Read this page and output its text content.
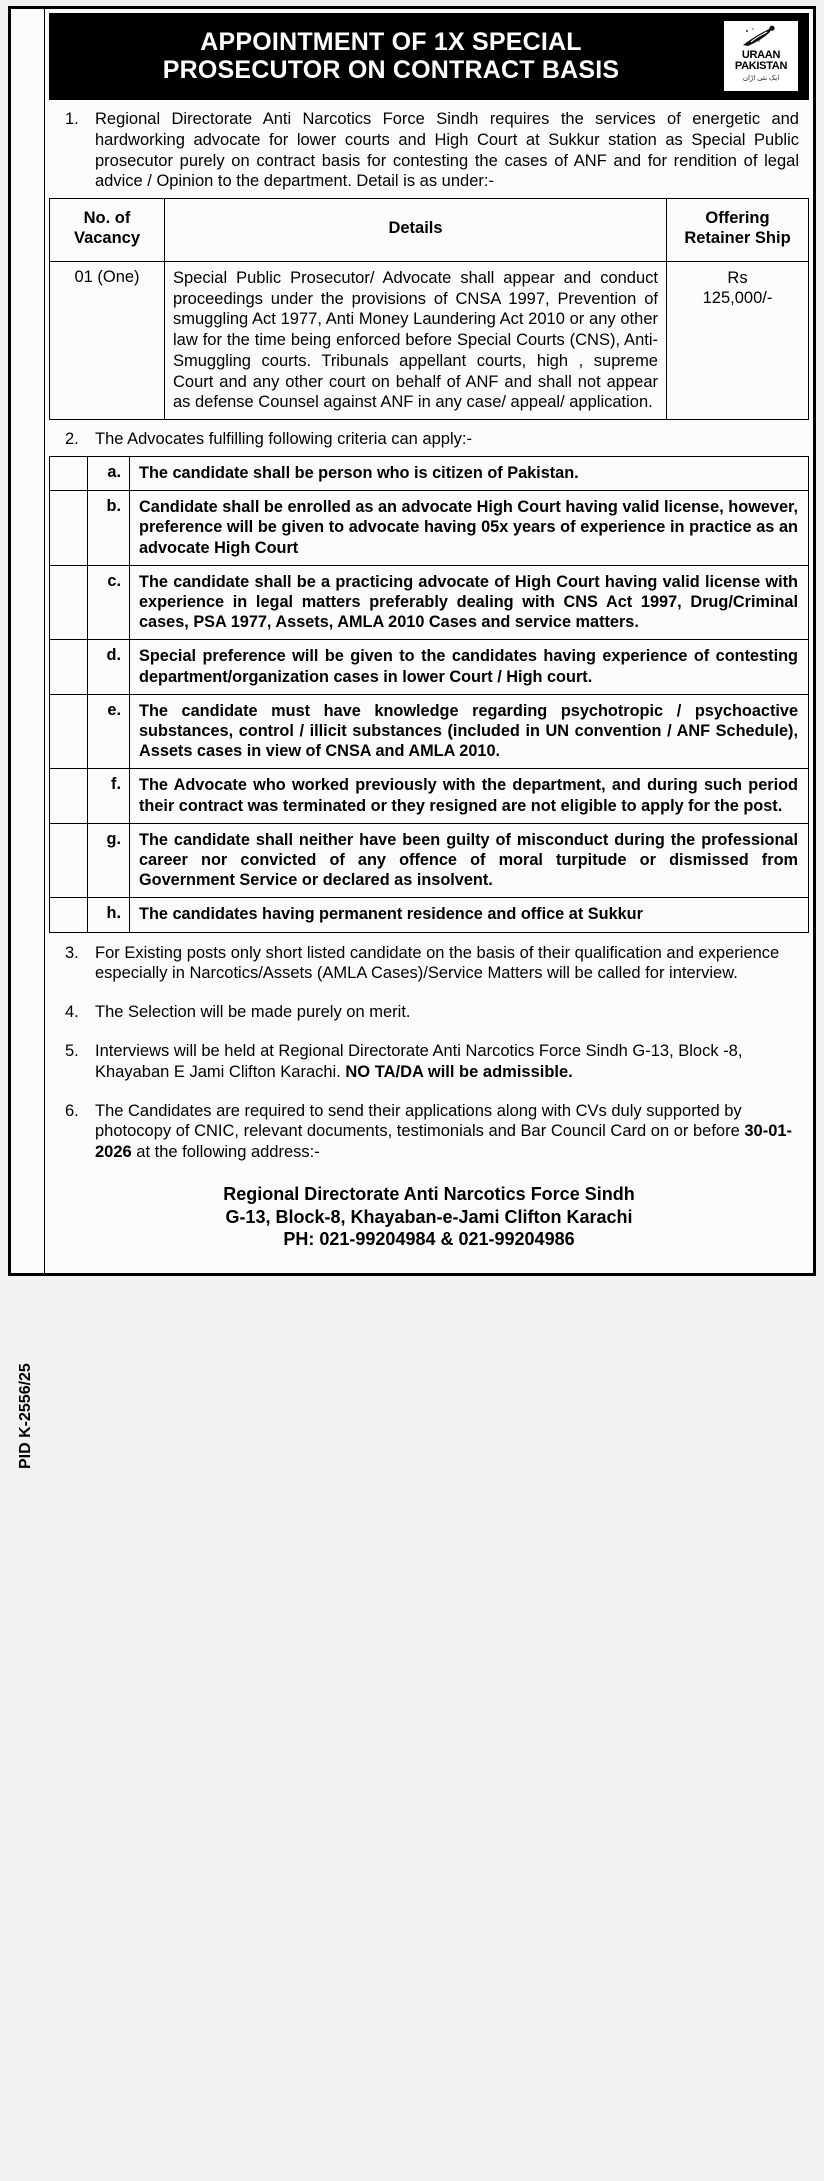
PID K-2556/25
APPOINTMENT OF 1X SPECIAL
PROSECUTOR ON CONTRACT BASIS
URAAN
PAKISTAN
ایک نئی اڑان
1. Regional Directorate Anti Narcotics Force Sindh requires the services of energetic and hardworking advocate for lower courts and High Court at Sukkur station as Special Public prosecutor purely on contract basis for contesting the cases of ANF and for rendition of legal advice / Opinion to the department. Detail is as under:-
No. of Vacancy	Details	Offering Retainer Ship
01 (One)	Special Public Prosecutor/ Advocate shall appear and conduct proceedings under the provisions of CNSA 1997, Prevention of smuggling Act 1977, Anti Money Laundering Act 2010 or any other law for the time being enforced before Special Courts (CNS), Anti-Smuggling courts. Tribunals appellant courts, high , supreme Court and any other court on behalf of ANF and shall not appear as defense Counsel against ANF in any case/ appeal/ application.	Rs
125,000/-
2. The Advocates fulfilling following criteria can apply:-
	a.	The candidate shall be person who is citizen of Pakistan.
	b.	Candidate shall be enrolled as an advocate High Court having valid license, however, preference will be given to advocate having 05x years of experience in practice as an advocate High Court
	c.	The candidate shall be a practicing advocate of High Court having valid license with experience in legal matters preferably dealing with CNS Act 1997, Drug/Criminal cases, PSA 1977, Assets, AMLA 2010 Cases and service matters.
	d.	Special preference will be given to the candidates having experience of contesting department/organization cases in lower Court / High court.
	e.	The candidate must have knowledge regarding psychotropic / psychoactive substances, control / illicit substances (included in UN convention / ANF Schedule), Assets cases in view of CNSA and AMLA 2010.
	f.	The Advocate who worked previously with the department, and during such period their contract was terminated or they resigned are not eligible to apply for the post.
	g.	The candidate shall neither have been guilty of misconduct during the professional career nor convicted of any offence of moral turpitude or dismissed from Government Service or declared as insolvent.
	h.	The candidates having permanent residence and office at Sukkur
3. For Existing posts only short listed candidate on the basis of their qualification and experience especially in Narcotics/Assets (AMLA Cases)/Service Matters will be called for interview.
4. The Selection will be made purely on merit.
5. Interviews will be held at Regional Directorate Anti Narcotics Force Sindh G-13, Block -8, Khayaban E Jami Clifton Karachi. NO TA/DA will be admissible.
6. The Candidates are required to send their applications along with CVs duly supported by photocopy of CNIC, relevant documents, testimonials and Bar Council Card on or before 30-01-2026 at the following address:-
Regional Directorate Anti Narcotics Force Sindh
G-13, Block-8, Khayaban-e-Jami Clifton Karachi
PH: 021-99204984 & 021-99204986
